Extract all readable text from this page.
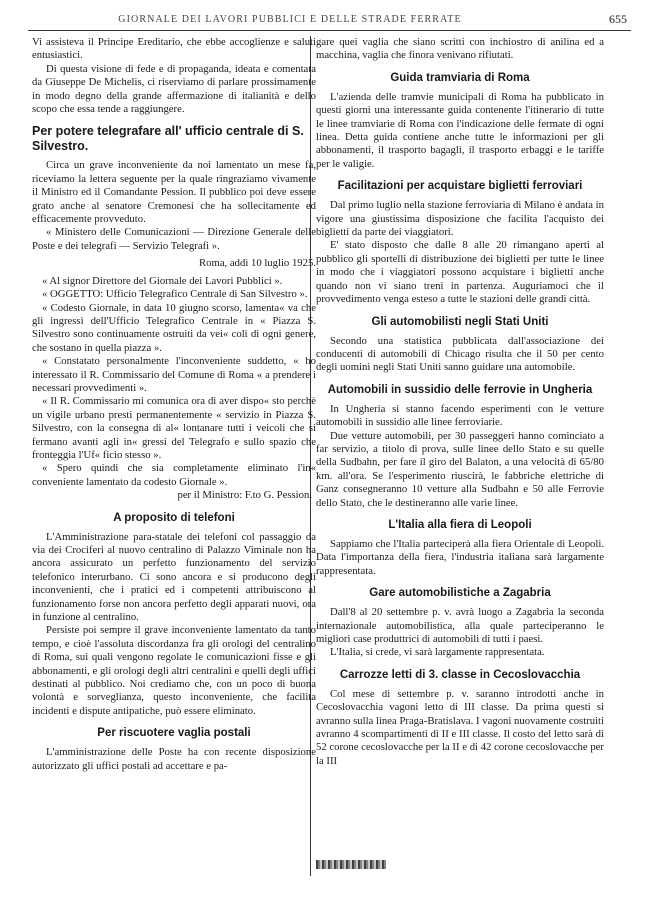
GIORNALE DEI LAVORI PUBBLICI E DELLE STRADE FERRATE	655

Vi assisteva il Principe Ereditario, che ebbe accoglienze e saluti entusiastici.

Di questa visione di fede e di propaganda, ideata e comentata da Giuseppe De Michelis, ci riserviamo di parlare prossimamente in modo degno della grande affermazione di italianità e dello scopo che essa tende a raggiungere.

Per potere telegrafare all' ufficio centrale di S. Silvestro.

Circa un grave inconveniente da noi lamentato un mese fa, riceviamo la lettera seguente per la quale ringraziamo vivamente il Ministro ed il Comandante Pession. Il pubblico poi deve essere grato anche al senatore Cremonesi che ha sollecitamente ed efficacemente provveduto.

« Ministero delle Comunicazioni — Direzione Generale delle Poste e dei telegrafi — Servizio Telegrafi ».

Roma, addì 10 luglio 1925.

« Al signor Direttore del Giornale dei Lavori Pubblici ».

« OGGETTO: Ufficio Telegrafico Centrale di San Silvestro ».

« Codesto Giornale, in data 10 giugno scorso, lamenta« va che gli ingressi dell'Ufficio Telegrafico Centrale in « Piazza S. Silvestro sono continuamente ostruiti da vei« coli di ogni genere, che sostano in quella piazza ».

« Constatato personalmente l'inconveniente suddetto, « ho interessato il R. Commissario del Comune di Roma « a prendere i necessari provvedimenti ».

« Il R. Commissario mi comunica ora di aver dispo« sto perchè un vigile urbano presti permanentemente « servizio in Piazza S. Silvestro, con la consegna di al« lontanare tutti i veicoli che si fermano avanti agli in« gressi del Telegrafo e sullo spazio che fronteggia l'Uf« ficio stesso ».

« Spero quindi che sia completamente eliminato l'in« conveniente lamentato da codesto Giornale ».

per il Ministro: F.to G. Pession.

A proposito di telefoni

L'Amministrazione para-statale dei telefoni col passaggio da via dei Crociferi al nuovo centralino di Palazzo Viminale non ha ancora assicurato un perfetto funzionamento del servizio telefonico interurbano. Ci sono ancora e si producono degli inconvenienti, che i pratici ed i competenti attribuiscono al funzionamento forse non ancora perfetto degli apparati nuovi, ora in funzione al centralino.

Persiste poi sempre il grave inconveniente lamentato da tanto tempo, e cioè l'assoluta discordanza fra gli orologi del centralino di Roma, sui quali vengono regolate le comunicazioni fisse e gli abbonamenti, e gli orologi degli altri centralini e quelli degli uffici destinati al pubblico. Noi crediamo che, con un poco di buona volontà e sorveglianza, questo inconveniente, che facilita incidenti e dispute antipatiche, può essere eliminato.

Per riscuotere vaglia postali

L'amministrazione delle Poste ha con recente disposizione autorizzato gli uffici postali ad accettare e pa-

gare quei vaglia che siano scritti con inchiostro di anilina ed a macchina, vaglia che finora venivano rifiutati.

Guida tramviaria di Roma

L'azienda delle tramvie municipali di Roma ha pubblicato in questi giorni una interessante guida contenente l'itinerario di tutte le linee tramviarie di Roma con l'indicazione delle fermate di ogni linea. Detta guida contiene anche tutte le informazioni per gli abbonamenti, il trasporto bagagli, il trasporto erbaggi e le tariffe per le valigie.

Facilitazioni per acquistare biglietti ferroviari

Dal primo luglio nella stazione ferroviaria di Milano è andata in vigore una giustissima disposizione che facilita l'acquisto dei biglietti da parte dei viaggiatori.

E' stato disposto che dalle 8 alle 20 rimangano aperti al pubblico gli sportelli di distribuzione dei biglietti per tutte le linee in modo che i viaggiatori possono acquistare i biglietti anche quando non vi siano treni in partenza. Auguriamoci che il provvedimento venga esteso a tutte le stazioni delle grandi città.

Gli automobilisti negli Stati Uniti

Secondo una statistica pubblicata dall'associazione dei conducenti di automobili di Chicago risulta che il 50 per cento degli uomini negli Stati Uniti sanno guidare una automobile.

Automobili in sussidio delle ferrovie in Ungheria

In Ungheria si stanno facendo esperimenti con le vetture automobili in sussidio alle linee ferroviarie.

Due vetture automobili, per 30 passeggeri hanno cominciato a far servizio, a titolo di prova, sulle linee dello Stato e su quelle della Sudbahn, per fare il giro del Balaton, a una velocità di 65/80 km. all'ora. Se l'esperimento riuscirà, le fabbriche elettriche di Ganz consegneranno 10 vetture alla Sudbahn e 50 alle Ferrovie dello Stato, che le destineranno alle varie linee.

L'Italia alla fiera di Leopoli

Sappiamo che l'Italia parteciperà alla fiera Orientale di Leopoli. Data l'importanza della fiera, l'industria italiana sarà largamente rappresentata.

Gare automobilistiche a Zagabria

Dall'8 al 20 settembre p. v. avrà luogo a Zagabria la seconda internazionale automobilistica, alla quale parteciperanno le migliori case produttrici di automobili di tutti i paesi.

L'Italia, si crede, vi sarà largamente rappresentata.

Carrozze letti di 3. classe in Cecoslovacchia

Col mese di settembre p. v. saranno introdotti anche in Cecoslovacchia vagoni letto di III classe. Da prima questi si avranno sulla linea Praga-Bratislava. I vagoni nuovamente costruiti avranno 4 scompartimenti di II e III classe. Il costo del letto sarà di 52 corone cecoslovacche per la II e di 42 corone cecoslovacche per la III
